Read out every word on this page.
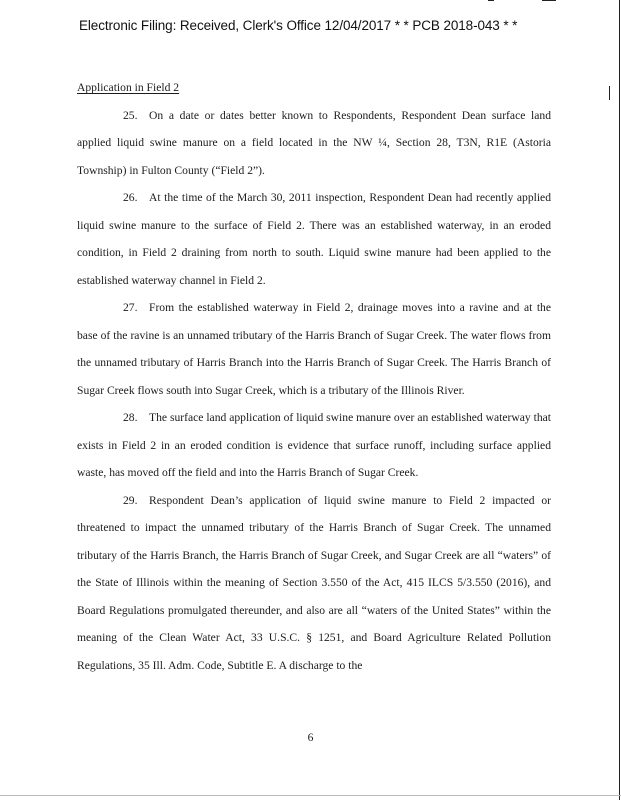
Electronic Filing: Received, Clerk's Office 12/04/2017 * * PCB 2018-043 * *

Application in Field 2

25. On a date or dates better known to Respondents, Respondent Dean surface land applied liquid swine manure on a field located in the NW ¼, Section 28, T3N, R1E (Astoria Township) in Fulton County (“Field 2”).

26. At the time of the March 30, 2011 inspection, Respondent Dean had recently applied liquid swine manure to the surface of Field 2. There was an established waterway, in an eroded condition, in Field 2 draining from north to south. Liquid swine manure had been applied to the established waterway channel in Field 2.

27. From the established waterway in Field 2, drainage moves into a ravine and at the base of the ravine is an unnamed tributary of the Harris Branch of Sugar Creek. The water flows from the unnamed tributary of Harris Branch into the Harris Branch of Sugar Creek. The Harris Branch of Sugar Creek flows south into Sugar Creek, which is a tributary of the Illinois River.

28. The surface land application of liquid swine manure over an established waterway that exists in Field 2 in an eroded condition is evidence that surface runoff, including surface applied waste, has moved off the field and into the Harris Branch of Sugar Creek.

29. Respondent Dean’s application of liquid swine manure to Field 2 impacted or threatened to impact the unnamed tributary of the Harris Branch of Sugar Creek. The unnamed tributary of the Harris Branch, the Harris Branch of Sugar Creek, and Sugar Creek are all “waters” of the State of Illinois within the meaning of Section 3.550 of the Act, 415 ILCS 5/3.550 (2016), and Board Regulations promulgated thereunder, and also are all “waters of the United States” within the meaning of the Clean Water Act, 33 U.S.C. § 1251, and Board Agriculture Related Pollution Regulations, 35 Ill. Adm. Code, Subtitle E. A discharge to the

6
